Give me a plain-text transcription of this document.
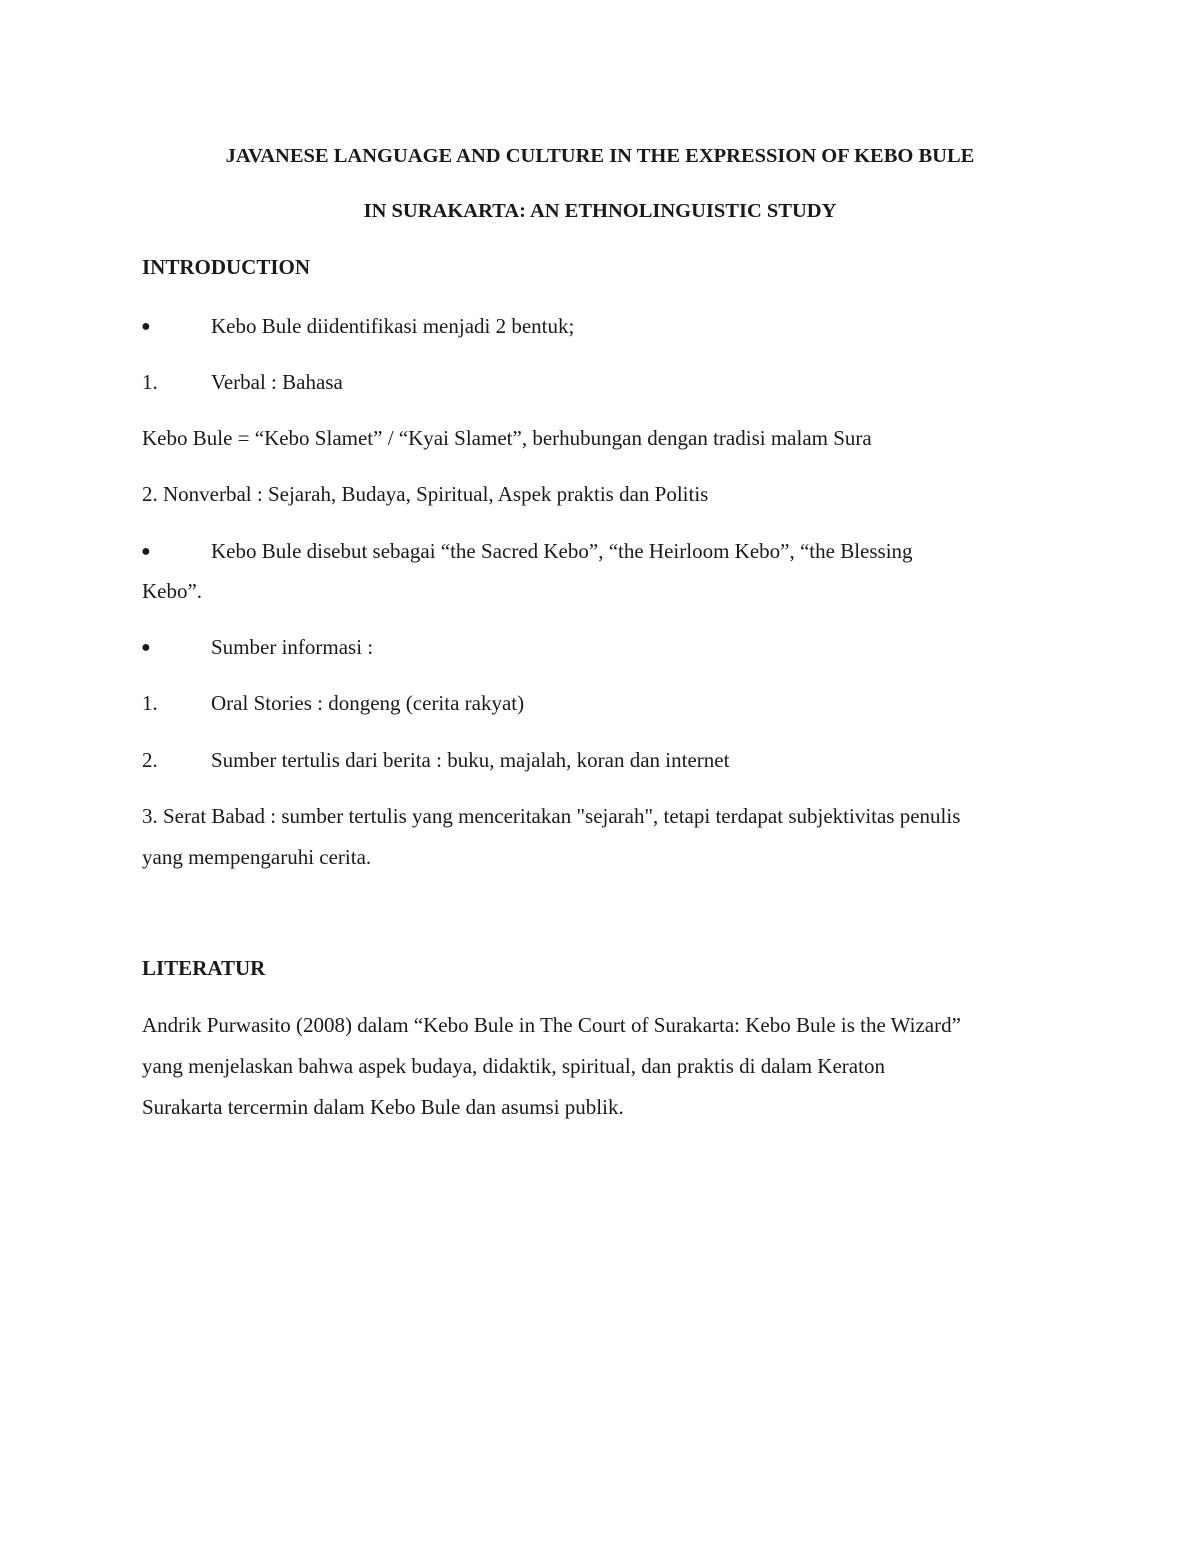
JAVANESE LANGUAGE AND CULTURE IN THE EXPRESSION OF KEBO BULE
IN SURAKARTA: AN ETHNOLINGUISTIC STUDY
INTRODUCTION
●	Kebo Bule diidentifikasi menjadi 2 bentuk;
1.	Verbal : Bahasa
Kebo Bule = “Kebo Slamet” / “Kyai Slamet”, berhubungan dengan tradisi malam Sura
2. Nonverbal : Sejarah, Budaya, Spiritual, Aspek praktis dan Politis
●	Kebo Bule disebut sebagai “the Sacred Kebo”, “the Heirloom Kebo”, “the Blessing
Kebo”.
●	Sumber informasi :
1.	Oral Stories : dongeng (cerita rakyat)
2.	Sumber tertulis dari berita : buku, majalah, koran dan internet
3. Serat Babad : sumber tertulis yang menceritakan "sejarah", tetapi terdapat subjektivitas penulis
yang mempengaruhi cerita.
LITERATUR
Andrik Purwasito (2008) dalam “Kebo Bule in The Court of Surakarta: Kebo Bule is the Wizard”
yang menjelaskan bahwa aspek budaya, didaktik, spiritual, dan praktis di dalam Keraton
Surakarta tercermin dalam Kebo Bule dan asumsi publik.
